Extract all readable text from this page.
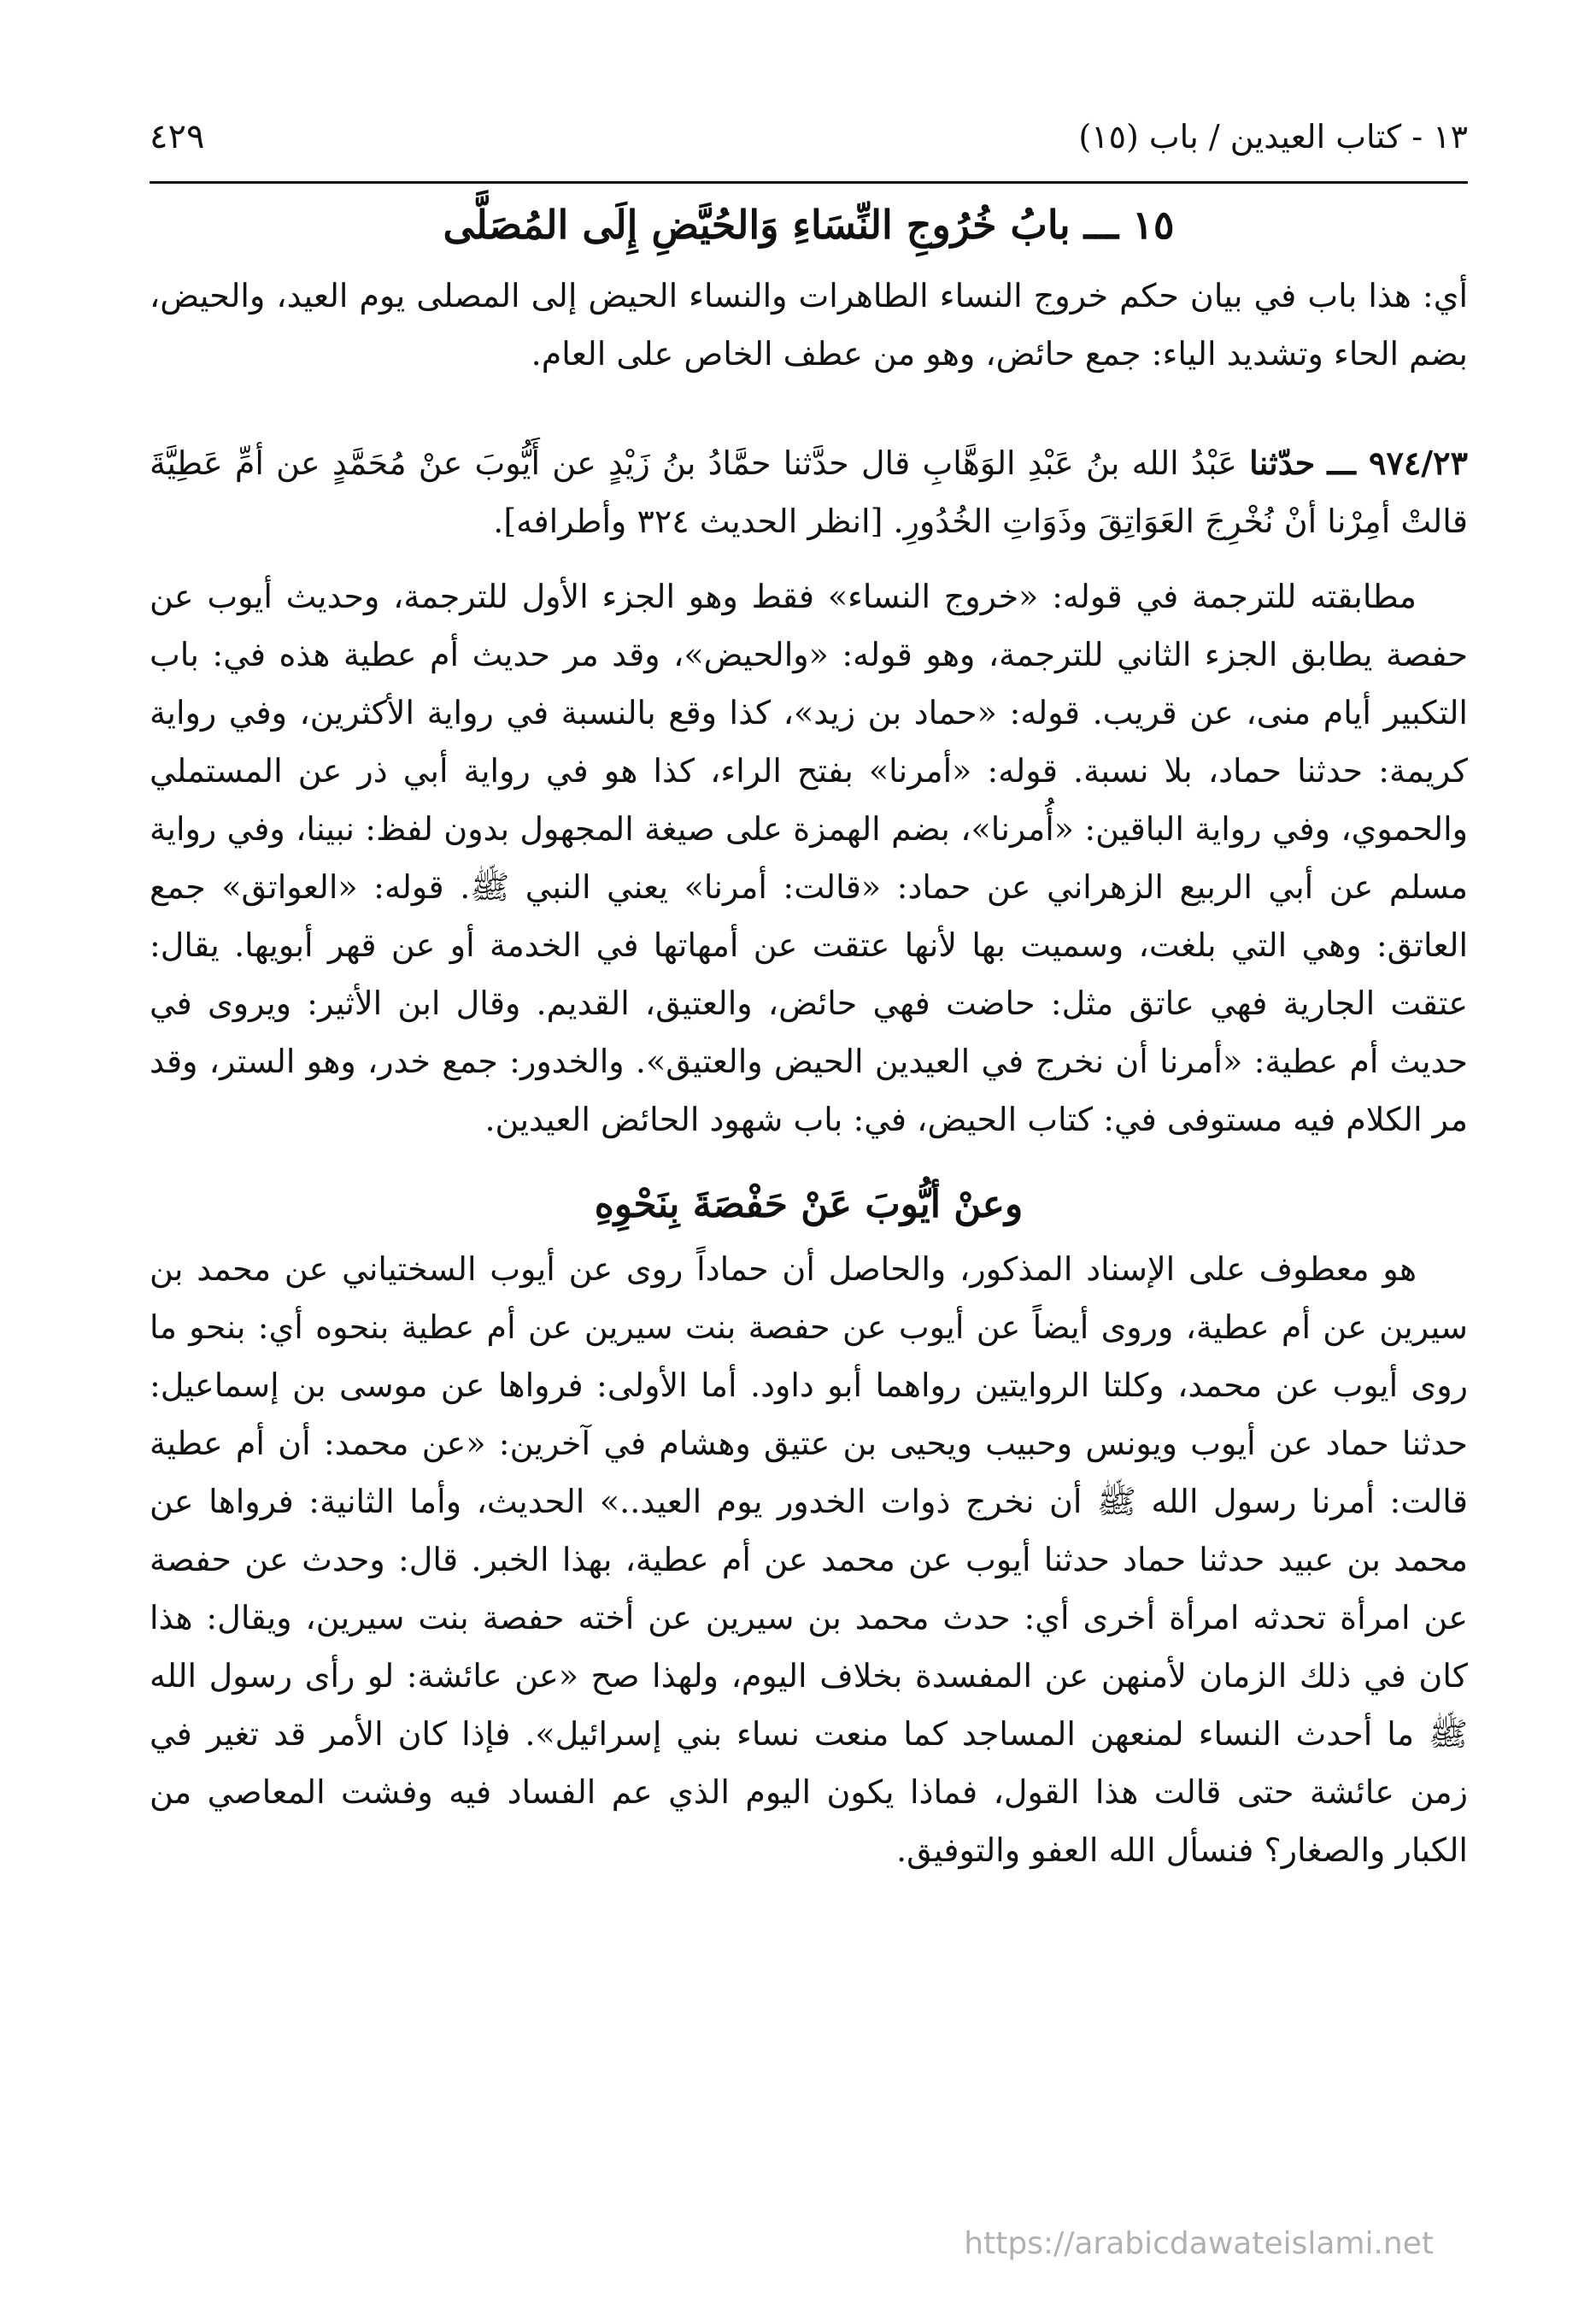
١٣ - كتاب العيدين / باب (١٥)
٤٢٩
١٥ ـــ بابُ خُرُوجِ النِّسَاءِ وَالحُيَّضِ إِلَى المُصَلَّى

أي: هذا باب في بيان حكم خروج النساء الطاهرات والنساء الحيض إلى المصلى يوم العيد، والحيض، بضم الحاء وتشديد الياء: جمع حائض، وهو من عطف الخاص على العام.

٩٧٤/٢٣ ـــ حدّثنا عَبْدُ الله بنُ عَبْدِ الوَهَّابِ قال حدَّثنا حمَّادُ بنُ زَيْدٍ عن أَيُّوبَ عنْ مُحَمَّدٍ عن أمِّ عَطِيَّةَ قالتْ أمِرْنا أنْ نُخْرِجَ العَوَاتِقَ وذَوَاتِ الخُدُورِ. [انظر الحديث ٣٢٤ وأطرافه].

مطابقته للترجمة في قوله: «خروج النساء» فقط وهو الجزء الأول للترجمة، وحديث أيوب عن حفصة يطابق الجزء الثاني للترجمة، وهو قوله: «والحيض»، وقد مر حديث أم عطية هذه في: باب التكبير أيام منى، عن قريب. قوله: «حماد بن زيد»، كذا وقع بالنسبة في رواية الأكثرين، وفي رواية كريمة: حدثنا حماد، بلا نسبة. قوله: «أمرنا» بفتح الراء، كذا هو في رواية أبي ذر عن المستملي والحموي، وفي رواية الباقين: «أُمرنا»، بضم الهمزة على صيغة المجهول بدون لفظ: نبينا، وفي رواية مسلم عن أبي الربيع الزهراني عن حماد: «قالت: أمرنا» يعني النبي ﷺ. قوله: «العواتق» جمع العاتق: وهي التي بلغت، وسميت بها لأنها عتقت عن أمهاتها في الخدمة أو عن قهر أبويها. يقال: عتقت الجارية فهي عاتق مثل: حاضت فهي حائض، والعتيق، القديم. وقال ابن الأثير: ويروى في حديث أم عطية: «أمرنا أن نخرج في العيدين الحيض والعتيق». والخدور: جمع خدر، وهو الستر، وقد مر الكلام فيه مستوفى في: كتاب الحيض، في: باب شهود الحائض العيدين.

وعنْ أيُّوبَ عَنْ حَفْصَةَ بِنَحْوِهِ

هو معطوف على الإسناد المذكور، والحاصل أن حماداً روى عن أيوب السختياني عن محمد بن سيرين عن أم عطية، وروى أيضاً عن أيوب عن حفصة بنت سيرين عن أم عطية بنحوه أي: بنحو ما روى أيوب عن محمد، وكلتا الروايتين رواهما أبو داود. أما الأولى: فرواها عن موسى بن إسماعيل: حدثنا حماد عن أيوب ويونس وحبيب ويحيى بن عتيق وهشام في آخرين: «عن محمد: أن أم عطية قالت: أمرنا رسول الله ﷺ أن نخرج ذوات الخدور يوم العيد..» الحديث، وأما الثانية: فرواها عن محمد بن عبيد حدثنا حماد حدثنا أيوب عن محمد عن أم عطية، بهذا الخبر. قال: وحدث عن حفصة عن امرأة تحدثه امرأة أخرى أي: حدث محمد بن سيرين عن أخته حفصة بنت سيرين، ويقال: هذا كان في ذلك الزمان لأمنهن عن المفسدة بخلاف اليوم، ولهذا صح «عن عائشة: لو رأى رسول الله ﷺ ما أحدث النساء لمنعهن المساجد كما منعت نساء بني إسرائيل». فإذا كان الأمر قد تغير في زمن عائشة حتى قالت هذا القول، فماذا يكون اليوم الذي عم الفساد فيه وفشت المعاصي من الكبار والصغار؟ فنسأل الله العفو والتوفيق.

https://arabicdawateislami.net
